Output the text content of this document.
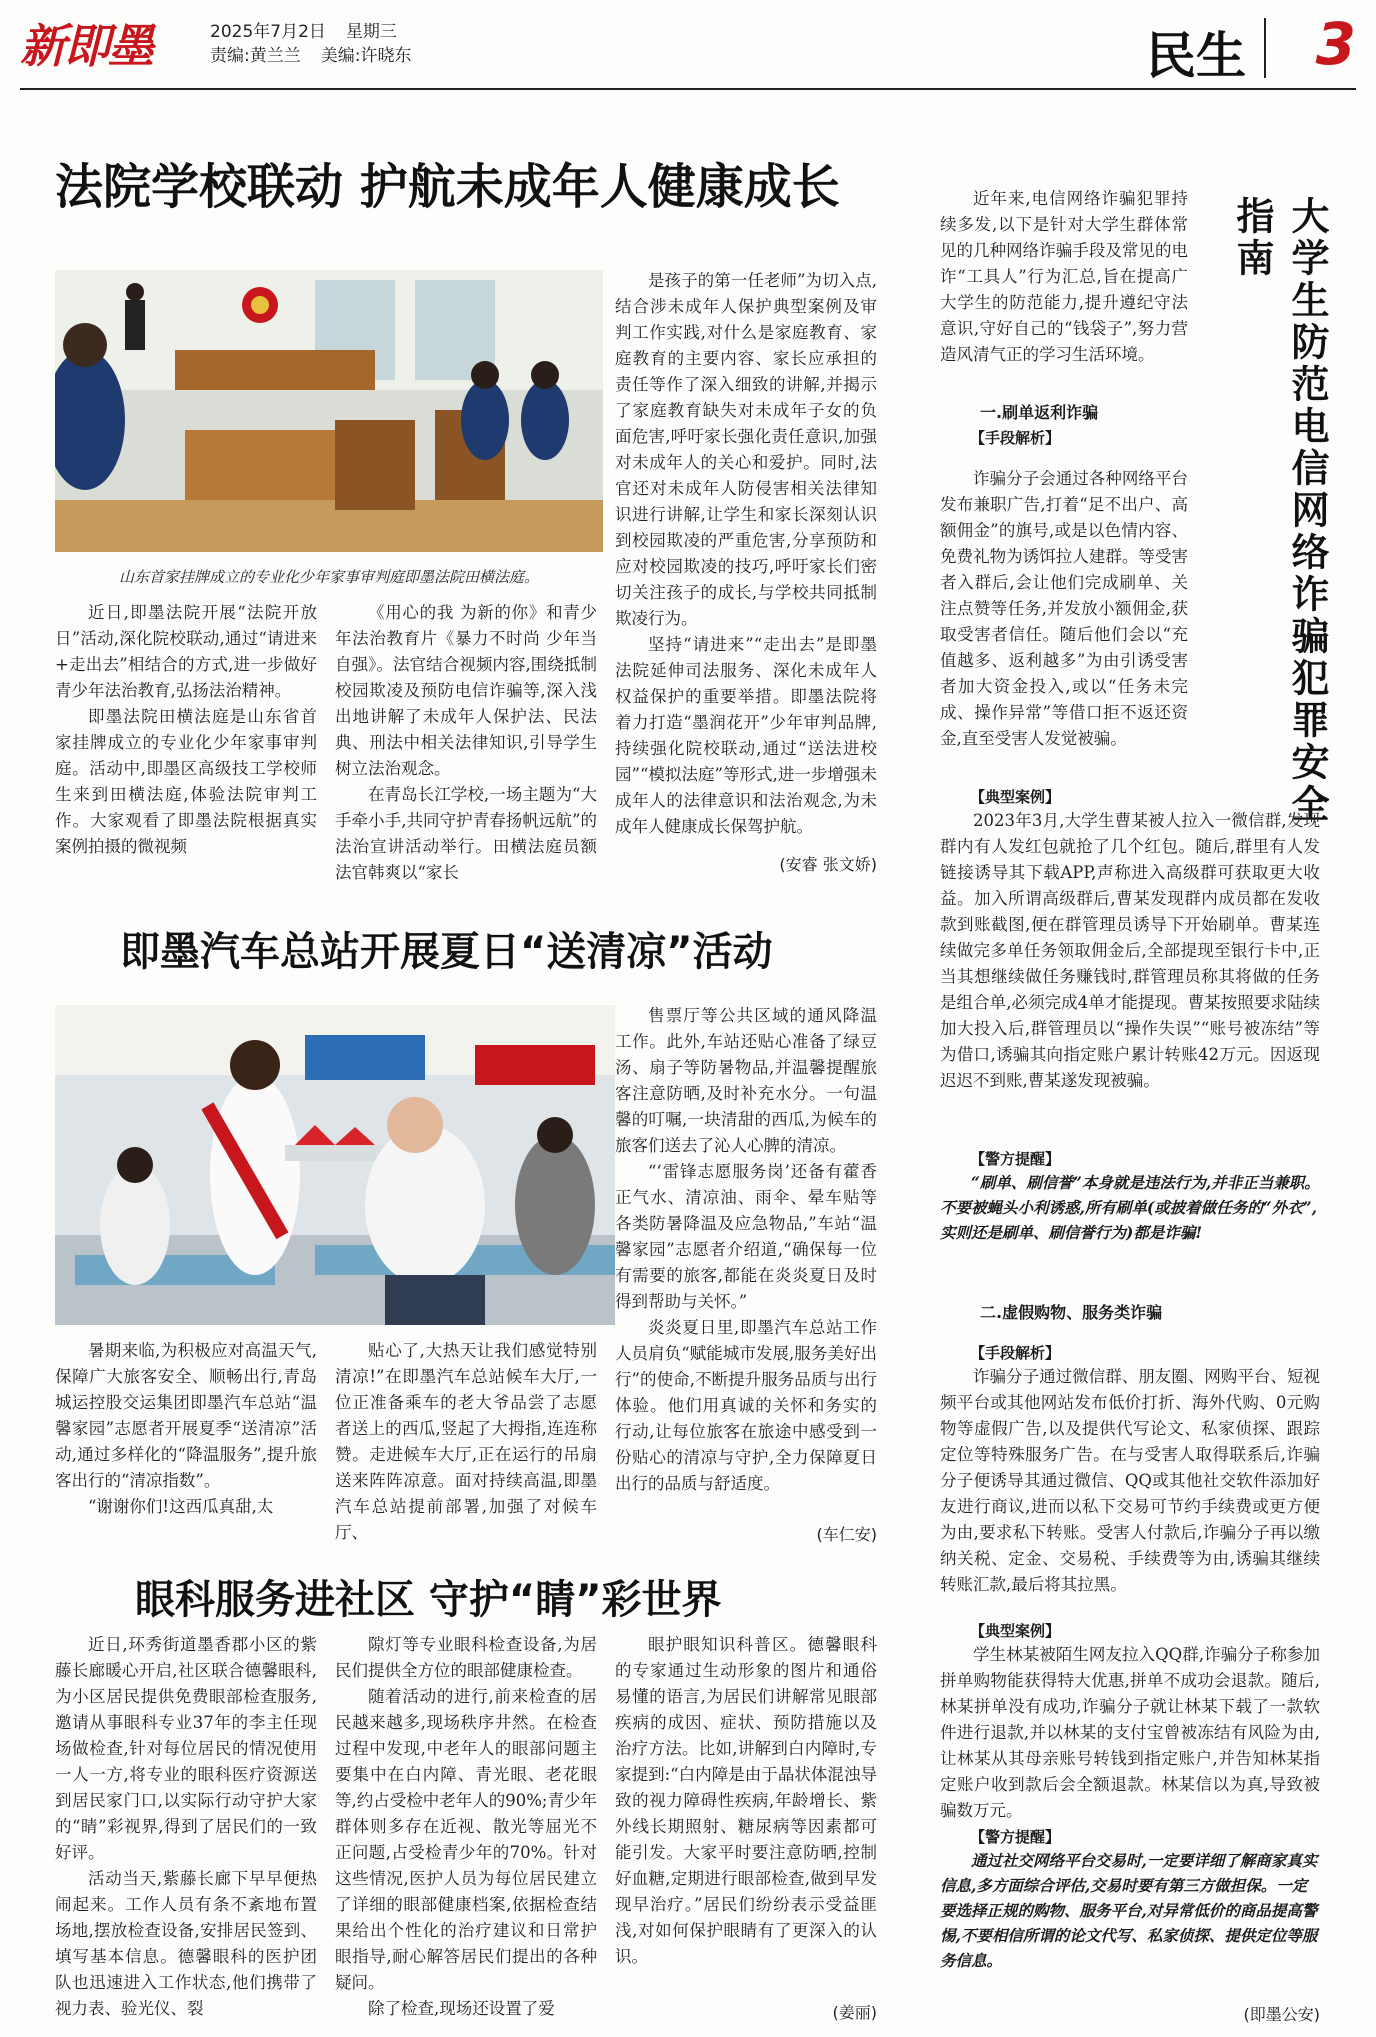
新即墨	2025年7月2日 星期三
责编:黄兰兰 美编:许晓东	民生 3
法院学校联动 护航未成年人健康成长
山东首家挂牌成立的专业化少年家事审判庭即墨法院田横法庭。

近日,即墨法院开展“法院开放日”活动,深化院校联动,通过“请进来+走出去”相结合的方式,进一步做好青少年法治教育,弘扬法治精神。

即墨法院田横法庭是山东省首家挂牌成立的专业化少年家事审判庭。活动中,即墨区高级技工学校师生来到田横法庭,体验法院审判工作。大家观看了即墨法院根据真实案例拍摄的微视频

《用心的我 为新的你》和青少年法治教育片《暴力不时尚 少年当自强》。法官结合视频内容,围绕抵制校园欺凌及预防电信诈骗等,深入浅出地讲解了未成年人保护法、民法典、刑法中相关法律知识,引导学生树立法治观念。

在青岛长江学校,一场主题为“大手牵小手,共同守护青春扬帆远航”的法治宣讲活动举行。田横法庭员额法官韩爽以“家长

是孩子的第一任老师”为切入点,结合涉未成年人保护典型案例及审判工作实践,对什么是家庭教育、家庭教育的主要内容、家长应承担的责任等作了深入细致的讲解,并揭示了家庭教育缺失对未成年子女的负面危害,呼吁家长强化责任意识,加强对未成年人的关心和爱护。同时,法官还对未成年人防侵害相关法律知识进行讲解,让学生和家长深刻认识到校园欺凌的严重危害,分享预防和应对校园欺凌的技巧,呼吁家长们密切关注孩子的成长,与学校共同抵制欺凌行为。

坚持“请进来”“走出去”是即墨法院延伸司法服务、深化未成年人权益保护的重要举措。即墨法院将着力打造“墨润花开”少年审判品牌,持续强化院校联动,通过“送法进校园”“模拟法庭”等形式,进一步增强未成年人的法律意识和法治观念,为未成年人健康成长保驾护航。

(安睿 张文娇)
即墨汽车总站开展夏日“送清凉”活动

暑期来临,为积极应对高温天气,保障广大旅客安全、顺畅出行,青岛城运控股交运集团即墨汽车总站“温馨家园”志愿者开展夏季“送清凉”活动,通过多样化的“降温服务”,提升旅客出行的“清凉指数”。

“谢谢你们!这西瓜真甜,太

贴心了,大热天让我们感觉特别清凉!”在即墨汽车总站候车大厅,一位正准备乘车的老大爷品尝了志愿者送上的西瓜,竖起了大拇指,连连称赞。走进候车大厅,正在运行的吊扇送来阵阵凉意。面对持续高温,即墨汽车总站提前部署,加强了对候车厅、

售票厅等公共区域的通风降温工作。此外,车站还贴心准备了绿豆汤、扇子等防暑物品,并温馨提醒旅客注意防晒,及时补充水分。一句温馨的叮嘱,一块清甜的西瓜,为候车的旅客们送去了沁人心脾的清凉。

“‘雷锋志愿服务岗’还备有藿香正气水、清凉油、雨伞、晕车贴等各类防暑降温及应急物品,”车站“温馨家园”志愿者介绍道,“确保每一位有需要的旅客,都能在炎炎夏日及时得到帮助与关怀。”

炎炎夏日里,即墨汽车总站工作人员肩负“赋能城市发展,服务美好出行”的使命,不断提升服务品质与出行体验。他们用真诚的关怀和务实的行动,让每位旅客在旅途中感受到一份贴心的清凉与守护,全力保障夏日出行的品质与舒适度。

(车仁安)
眼科服务进社区 守护“睛”彩世界

近日,环秀街道墨香郡小区的紫藤长廊暖心开启,社区联合德馨眼科,为小区居民提供免费眼部检查服务,邀请从事眼科专业37年的李主任现场做检查,针对每位居民的情况使用一人一方,将专业的眼科医疗资源送到居民家门口,以实际行动守护大家的“睛”彩视界,得到了居民们的一致好评。

活动当天,紫藤长廊下早早便热闹起来。工作人员有条不紊地布置场地,摆放检查设备,安排居民签到、填写基本信息。德馨眼科的医护团队也迅速进入工作状态,他们携带了视力表、验光仪、裂

隙灯等专业眼科检查设备,为居民们提供全方位的眼部健康检查。

随着活动的进行,前来检查的居民越来越多,现场秩序井然。在检查过程中发现,中老年人的眼部问题主要集中在白内障、青光眼、老花眼等,约占受检中老年人的90%;青少年群体则多存在近视、散光等屈光不正问题,占受检青少年的70%。针对这些情况,医护人员为每位居民建立了详细的眼部健康档案,依据检查结果给出个性化的治疗建议和日常护眼指导,耐心解答居民们提出的各种疑问。

除了检查,现场还设置了爱

眼护眼知识科普区。德馨眼科的专家通过生动形象的图片和通俗易懂的语言,为居民们讲解常见眼部疾病的成因、症状、预防措施以及治疗方法。比如,讲解到白内障时,专家提到:“白内障是由于晶状体混浊导致的视力障碍性疾病,年龄增长、紫外线长期照射、糖尿病等因素都可能引发。大家平时要注意防晒,控制好血糖,定期进行眼部检查,做到早发现早治疗。”居民们纷纷表示受益匪浅,对如何保护眼睛有了更深入的认识。

(姜丽)
大学生防范电信网络诈骗犯罪安全指南

近年来,电信网络诈骗犯罪持续多发,以下是针对大学生群体常见的几种网络诈骗手段及常见的电诈“工具人”行为汇总,旨在提高广大学生的防范能力,提升遵纪守法意识,守好自己的“钱袋子”,努力营造风清气正的学习生活环境。

一.刷单返利诈骗
【手段解析】

诈骗分子会通过各种网络平台发布兼职广告,打着“足不出户、高额佣金”的旗号,或是以色情内容、免费礼物为诱饵拉人建群。等受害者入群后,会让他们完成刷单、关注点赞等任务,并发放小额佣金,获取受害者信任。随后他们会以“充值越多、返利越多”为由引诱受害者加大资金投入,或以“任务未完成、操作异常”等借口拒不返还资金,直至受害人发觉被骗。

【典型案例】

2023年3月,大学生曹某被人拉入一微信群,发现群内有人发红包就抢了几个红包。随后,群里有人发链接诱导其下载APP,声称进入高级群可获取更大收益。加入所谓高级群后,曹某发现群内成员都在发收款到账截图,便在群管理员诱导下开始刷单。曹某连续做完多单任务领取佣金后,全部提现至银行卡中,正当其想继续做任务赚钱时,群管理员称其将做的任务是组合单,必须完成4单才能提现。曹某按照要求陆续加大投入后,群管理员以“操作失误”“账号被冻结”等为借口,诱骗其向指定账户累计转账42万元。因返现迟迟不到账,曹某遂发现被骗。

【警方提醒】

“刷单、刷信誉”本身就是违法行为,并非正当兼职。不要被蝇头小利诱惑,所有刷单(或披着做任务的“外衣”,实则还是刷单、刷信誉行为)都是诈骗!

二.虚假购物、服务类诈骗
【手段解析】

诈骗分子通过微信群、朋友圈、网购平台、短视频平台或其他网站发布低价打折、海外代购、0元购物等虚假广告,以及提供代写论文、私家侦探、跟踪定位等特殊服务广告。在与受害人取得联系后,诈骗分子便诱导其通过微信、QQ或其他社交软件添加好友进行商议,进而以私下交易可节约手续费或更方便为由,要求私下转账。受害人付款后,诈骗分子再以缴纳关税、定金、交易税、手续费等为由,诱骗其继续转账汇款,最后将其拉黑。

【典型案例】

学生林某被陌生网友拉入QQ群,诈骗分子称参加拼单购物能获得特大优惠,拼单不成功会退款。随后,林某拼单没有成功,诈骗分子就让林某下载了一款软件进行退款,并以林某的支付宝曾被冻结有风险为由,让林某从其母亲账号转钱到指定账户,并告知林某指定账户收到款后会全额退款。林某信以为真,导致被骗数万元。

【警方提醒】

通过社交网络平台交易时,一定要详细了解商家真实信息,多方面综合评估,交易时要有第三方做担保。一定要选择正规的购物、服务平台,对异常低价的商品提高警惕,不要相信所谓的论文代写、私家侦探、提供定位等服务信息。

(即墨公安)
